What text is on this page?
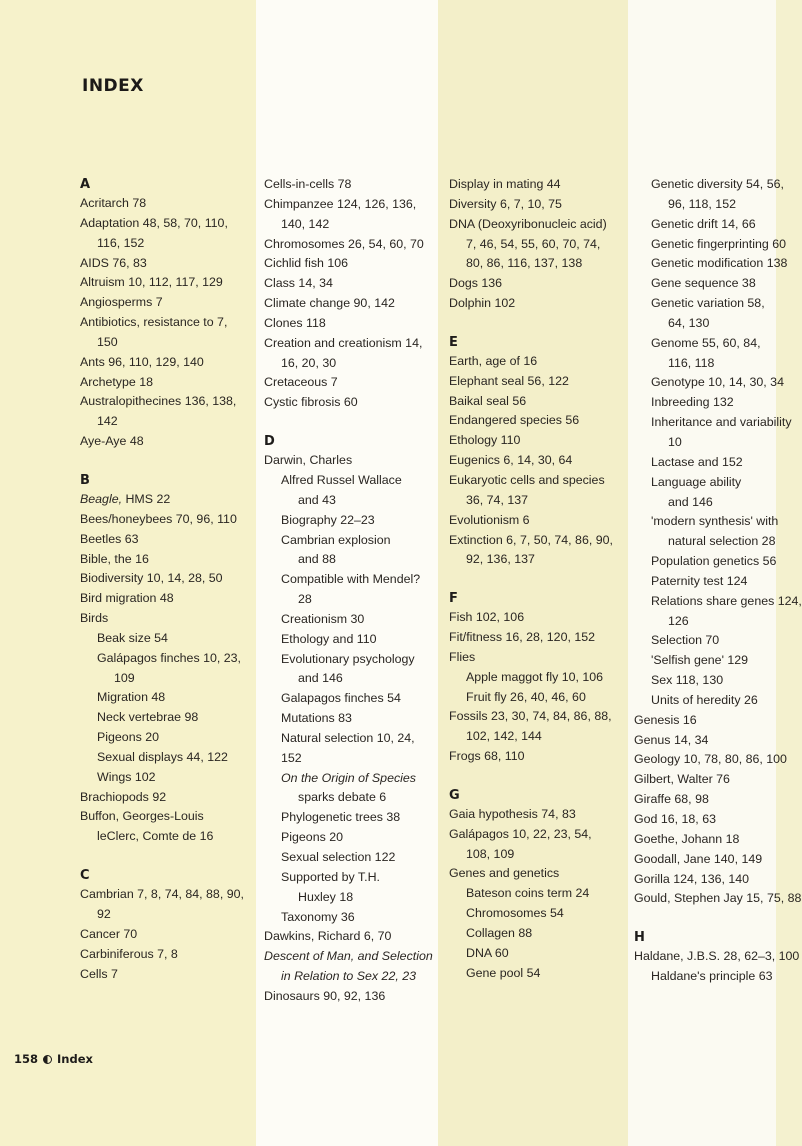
INDEX
A
Acritarch 78
Adaptation 48, 58, 70, 110,
116, 152
AIDS 76, 83
Altruism 10, 112, 117, 129
Angiosperms 7
Antibiotics, resistance to 7,
150
Ants 96, 110, 129, 140
Archetype 18
Australopithecines 136, 138,
142
Aye-Aye 48
B
Beagle, HMS 22
Bees/honeybees 70, 96, 110
Beetles 63
Bible, the 16
Biodiversity 10, 14, 28, 50
Bird migration 48
Birds
Beak size 54
Galápagos finches 10, 23,
109
Migration 48
Neck vertebrae 98
Pigeons 20
Sexual displays 44, 122
Wings 102
Brachiopods 92
Buffon, Georges-Louis
leClerc, Comte de 16
C
Cambrian 7, 8, 74, 84, 88, 90,
92
Cancer 70
Carbiniferous 7, 8
Cells 7
Cells-in-cells 78
Chimpanzee 124, 126, 136,
140, 142
Chromosomes 26, 54, 60, 70
Cichlid fish 106
Class 14, 34
Climate change 90, 142
Clones 118
Creation and creationism 14,
16, 20, 30
Cretaceous 7
Cystic fibrosis 60
D
Darwin, Charles
Alfred Russel Wallace
and 43
Biography 22–23
Cambrian explosion
and 88
Compatible with Mendel?
28
Creationism 30
Ethology and 110
Evolutionary psychology
and 146
Galapagos finches 54
Mutations 83
Natural selection 10, 24, 152
On the Origin of Species
sparks debate 6
Phylogenetic trees 38
Pigeons 20
Sexual selection 122
Supported by T.H.
Huxley 18
Taxonomy 36
Dawkins, Richard 6, 70
Descent of Man, and Selection
in Relation to Sex 22, 23
Dinosaurs 90, 92, 136
Display in mating 44
Diversity 6, 7, 10, 75
DNA (Deoxyribonucleic acid)
7, 46, 54, 55, 60, 70, 74,
80, 86, 116, 137, 138
Dogs 136
Dolphin 102
E
Earth, age of 16
Elephant seal 56, 122
Baikal seal 56
Endangered species 56
Ethology 110
Eugenics 6, 14, 30, 64
Eukaryotic cells and species
36, 74, 137
Evolutionism 6
Extinction 6, 7, 50, 74, 86, 90,
92, 136, 137
F
Fish 102, 106
Fit/fitness 16, 28, 120, 152
Flies
Apple maggot fly 10, 106
Fruit fly 26, 40, 46, 60
Fossils 23, 30, 74, 84, 86, 88,
102, 142, 144
Frogs 68, 110
G
Gaia hypothesis 74, 83
Galápagos 10, 22, 23, 54,
108, 109
Genes and genetics
Bateson coins term 24
Chromosomes 54
Collagen 88
DNA 60
Gene pool 54
Genetic diversity 54, 56,
96, 118, 152
Genetic drift 14, 66
Genetic fingerprinting 60
Genetic modification 138
Gene sequence 38
Genetic variation 58,
64, 130
Genome 55, 60, 84,
116, 118
Genotype 10, 14, 30, 34
Inbreeding 132
Inheritance and variability
10
Lactase and 152
Language ability
and 146
'modern synthesis' with
natural selection 28
Population genetics 56
Paternity test 124
Relations share genes 124,
126
Selection 70
'Selfish gene' 129
Sex 118, 130
Units of heredity 26
Genesis 16
Genus 14, 34
Geology 10, 78, 80, 86, 100
Gilbert, Walter 76
Giraffe 68, 98
God 16, 18, 63
Goethe, Johann 18
Goodall, Jane 140, 149
Gorilla 124, 136, 140
Gould, Stephen Jay 15, 75, 88
H
Haldane, J.B.S. 28, 62–3, 100
Haldane's principle 63
158 Index
